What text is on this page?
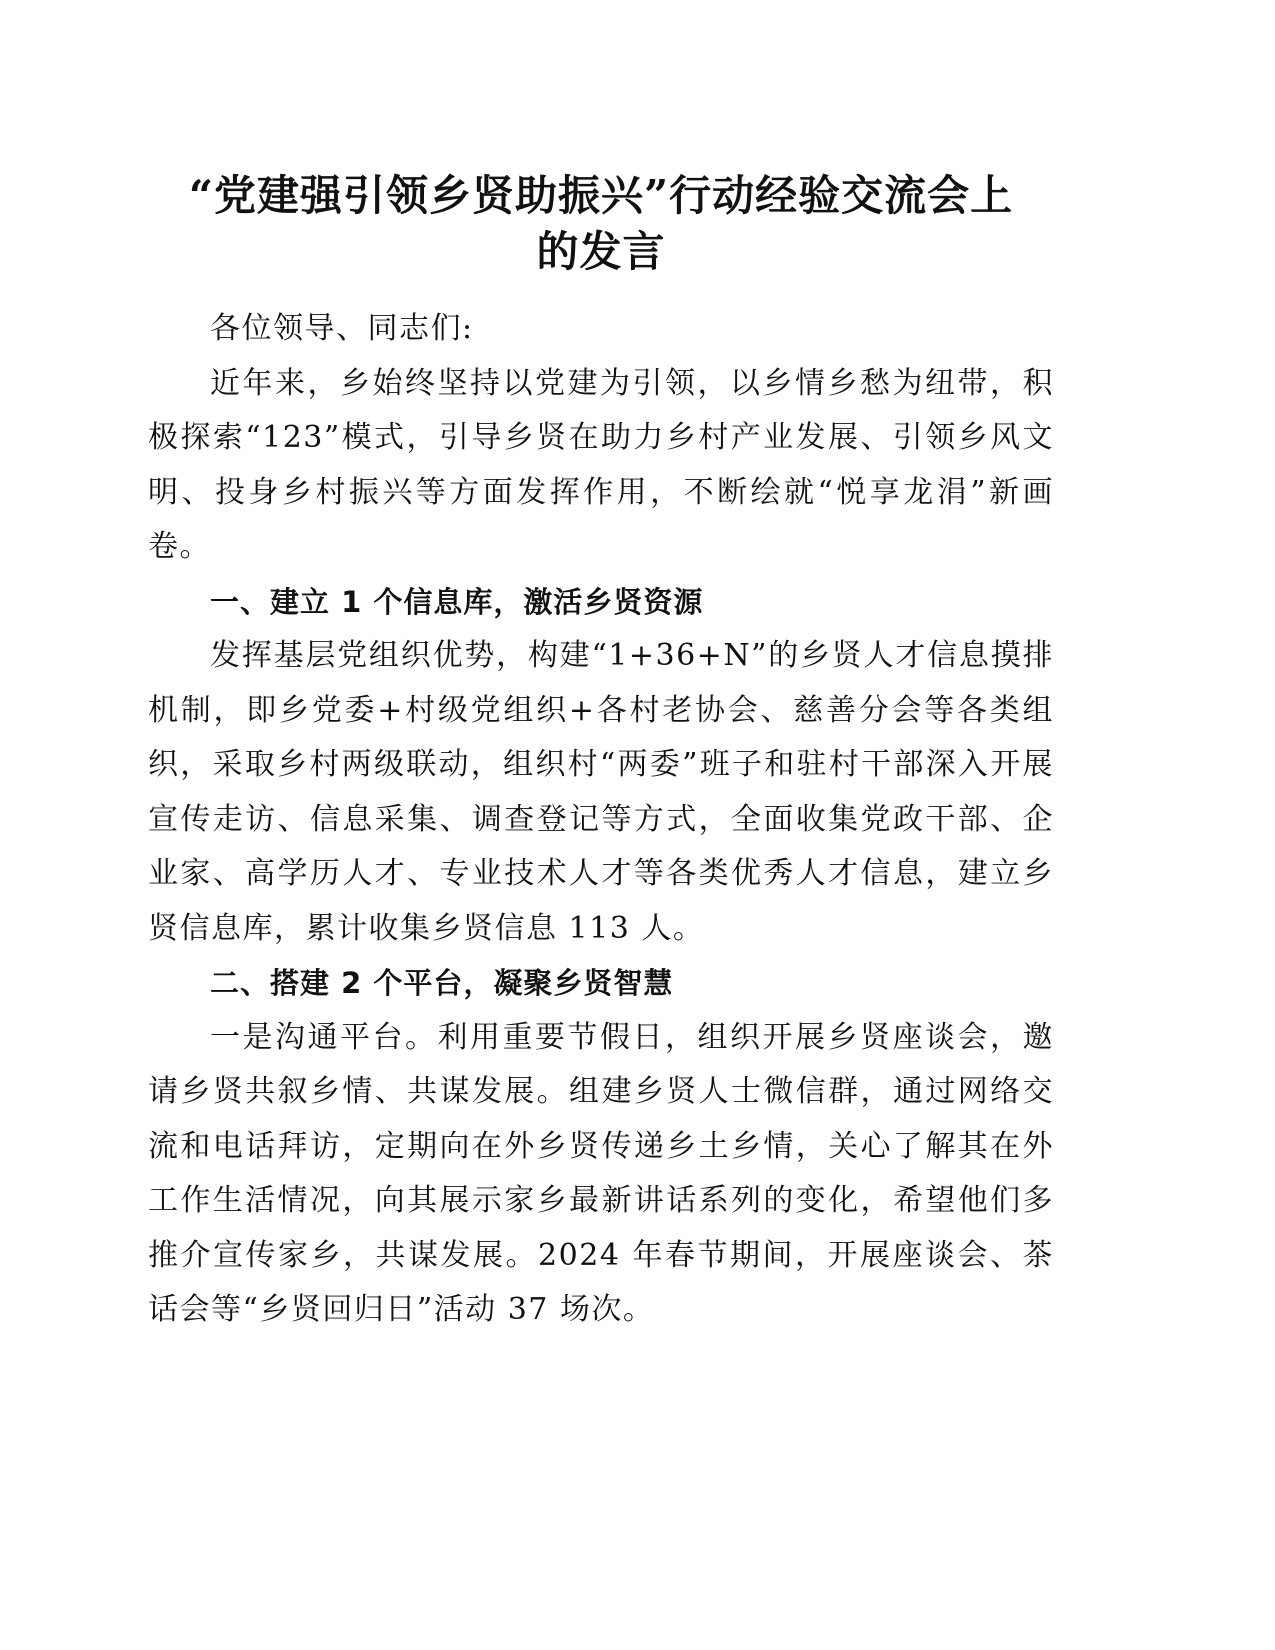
“党建强引领乡贤助振兴”行动经验交流会上
的发言

各位领导、同志们:

近年来，乡始终坚持以党建为引领，以乡情乡愁为纽带，积极探索“123”模式，引导乡贤在助力乡村产业发展、引领乡风文明、投身乡村振兴等方面发挥作用，不断绘就“悦享龙涓”新画卷。

一、建立 1 个信息库，激活乡贤资源

发挥基层党组织优势，构建“1+36+N”的乡贤人才信息摸排机制，即乡党委+村级党组织+各村老协会、慈善分会等各类组织，采取乡村两级联动，组织村“两委”班子和驻村干部深入开展宣传走访、信息采集、调查登记等方式，全面收集党政干部、企业家、高学历人才、专业技术人才等各类优秀人才信息，建立乡贤信息库，累计收集乡贤信息 113 人。

二、搭建 2 个平台，凝聚乡贤智慧

一是沟通平台。利用重要节假日，组织开展乡贤座谈会，邀请乡贤共叙乡情、共谋发展。组建乡贤人士微信群，通过网络交流和电话拜访，定期向在外乡贤传递乡土乡情，关心了解其在外工作生活情况，向其展示家乡最新讲话系列的变化，希望他们多推介宣传家乡，共谋发展。2024 年春节期间，开展座谈会、茶话会等“乡贤回归日”活动 37 场次。
